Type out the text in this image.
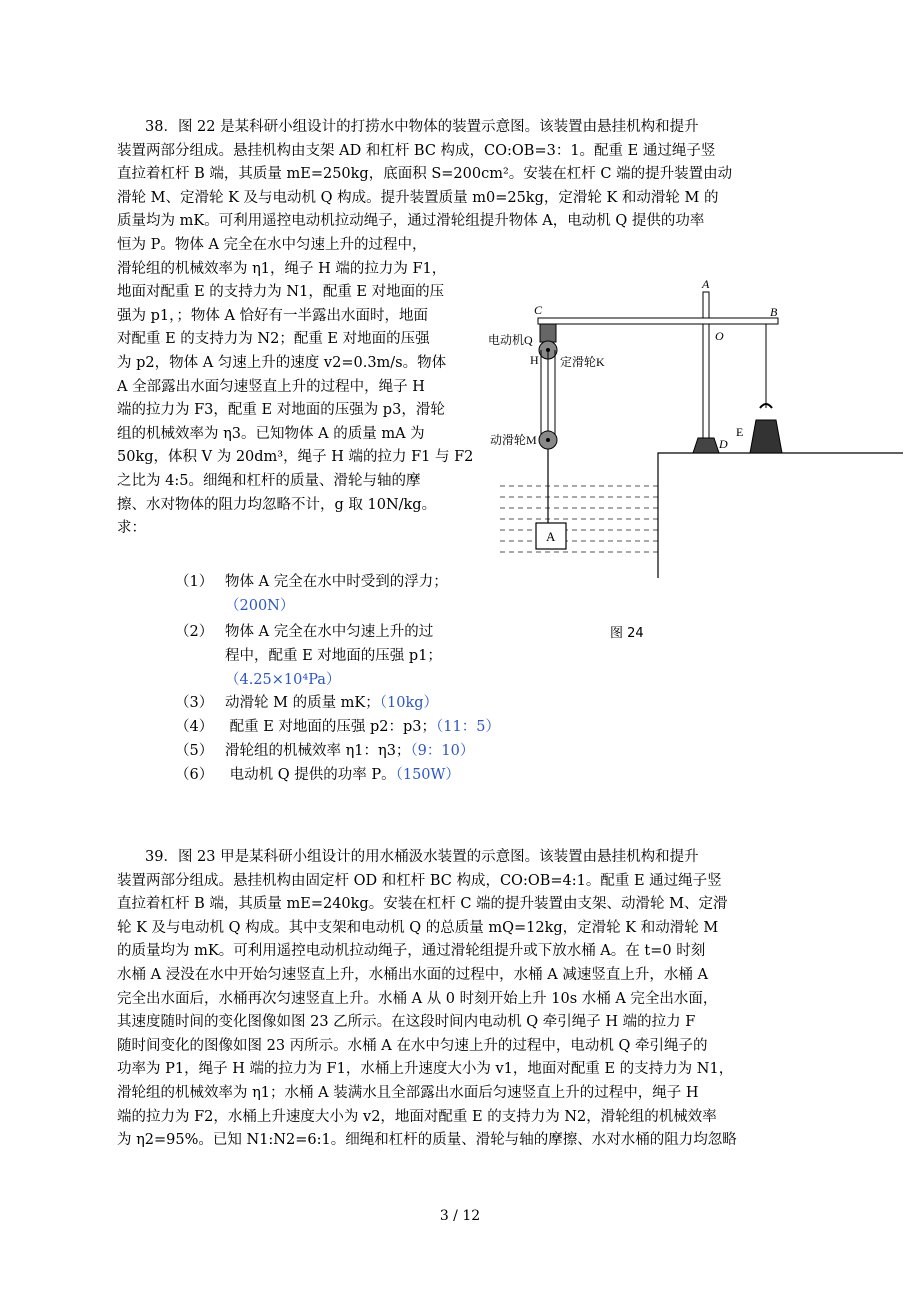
38．图 22 是某科研小组设计的打捞水中物体的装置示意图。该装置由悬挂机构和提升
装置两部分组成。悬挂机构由支架 AD 和杠杆 BC 构成，CO:OB=3：1。配重 E 通过绳子竖
直拉着杠杆 B 端，其质量 mE=250kg，底面积 S=200cm²。安装在杠杆 C 端的提升装置由动
滑轮 M、定滑轮 K 及与电动机 Q 构成。提升装置质量 m0=25kg，定滑轮 K 和动滑轮 M 的
质量均为 mK。可利用遥控电动机拉动绳子，通过滑轮组提升物体 A，电动机 Q 提供的功率
恒为 P。物体 A 完全在水中匀速上升的过程中，
滑轮组的机械效率为 η1，绳子 H 端的拉力为 F1，
地面对配重 E 的支持力为 N1，配重 E 对地面的压
强为 p1，；物体 A 恰好有一半露出水面时，地面
对配重 E 的支持力为 N2；配重 E 对地面的压强
为 p2，物体 A 匀速上升的速度 v2=0.3m/s。物体
A 全部露出水面匀速竖直上升的过程中，绳子 H
端的拉力为 F3，配重 E 对地面的压强为 p3，滑轮
组的机械效率为 η3。已知物体 A 的质量 mA 为
50kg，体积 V 为 20dm³，绳子 H 端的拉力 F1 与 F2
之比为 4:5。细绳和杠杆的质量、滑轮与轴的摩
擦、水对物体的阻力均忽略不计，g 取 10N/kg。
求：
（1） 物体 A 完全在水中时受到的浮力；
（200N）
（2） 物体 A 完全在水中匀速上升的过
程中，配重 E 对地面的压强 p1；
（4.25×10⁴Pa）
（3） 动滑轮 M 的质量 mK；（10kg）
（4） 配重 E 对地面的压强 p2：p3；（11：5）
（5） 滑轮组的机械效率 η1：η3；（9：10）
（6） 电动机 Q 提供的功率 P。（150W）
A
B
C
O
D
E
H
电动机Q
定滑轮K
动滑轮M
A
图 24
39．图 23 甲是某科研小组设计的用水桶汲水装置的示意图。该装置由悬挂机构和提升
装置两部分组成。悬挂机构由固定杆 OD 和杠杆 BC 构成，CO:OB=4:1。配重 E 通过绳子竖
直拉着杠杆 B 端，其质量 mE=240kg。安装在杠杆 C 端的提升装置由支架、动滑轮 M、定滑
轮 K 及与电动机 Q 构成。其中支架和电动机 Q 的总质量 mQ=12kg，定滑轮 K 和动滑轮 M
的质量均为 mK。可利用遥控电动机拉动绳子，通过滑轮组提升或下放水桶 A。在 t=0 时刻
水桶 A 浸没在水中开始匀速竖直上升，水桶出水面的过程中，水桶 A 减速竖直上升，水桶 A
完全出水面后，水桶再次匀速竖直上升。水桶 A 从 0 时刻开始上升 10s 水桶 A 完全出水面，
其速度随时间的变化图像如图 23 乙所示。在这段时间内电动机 Q 牵引绳子 H 端的拉力 F
随时间变化的图像如图 23 丙所示。水桶 A 在水中匀速上升的过程中，电动机 Q 牵引绳子的
功率为 P1，绳子 H 端的拉力为 F1，水桶上升速度大小为 v1，地面对配重 E 的支持力为 N1，
滑轮组的机械效率为 η1；水桶 A 装满水且全部露出水面后匀速竖直上升的过程中，绳子 H
端的拉力为 F2，水桶上升速度大小为 v2，地面对配重 E 的支持力为 N2，滑轮组的机械效率
为 η2=95%。已知 N1:N2=6:1。细绳和杠杆的质量、滑轮与轴的摩擦、水对水桶的阻力均忽略
3 / 12
